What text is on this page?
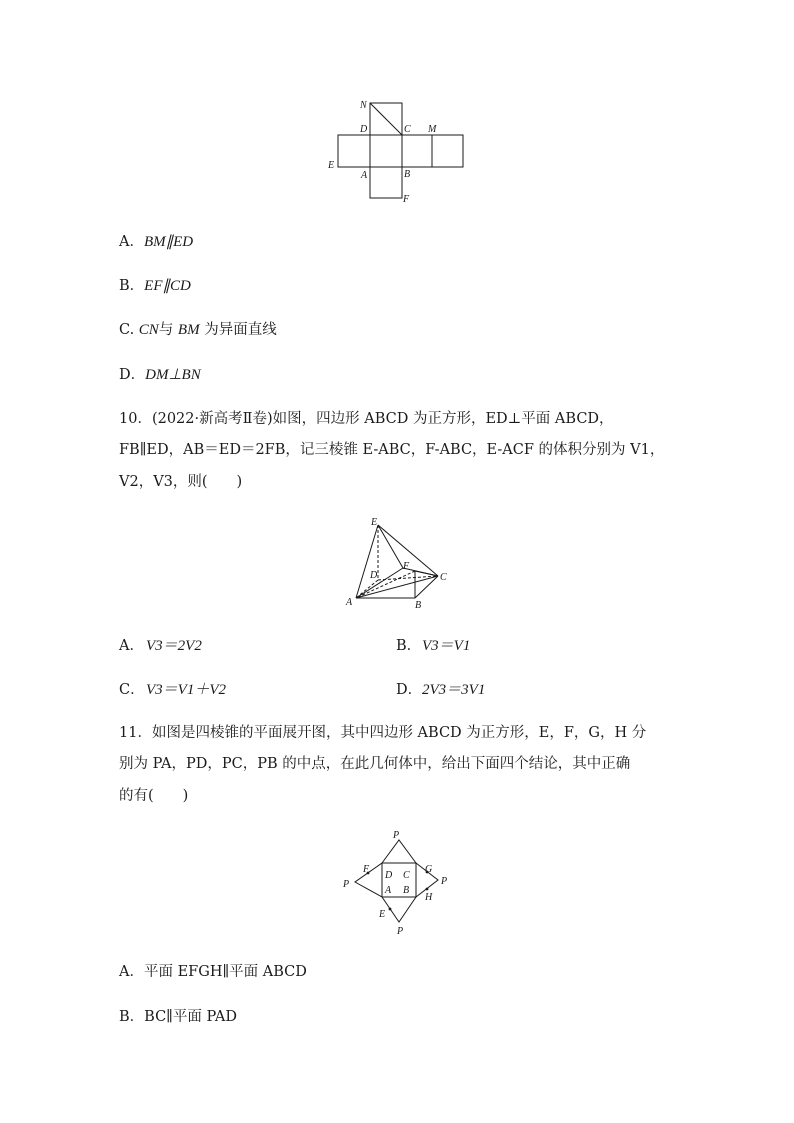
N
D	C M
E
A	B
F
A．BM∥ED
B．EF∥CD
C. CN与 BM 为异面直线
D．DM⊥BN
10．(2022·新高考Ⅱ卷)如图，四边形 ABCD 为正方形，ED⊥平面 ABCD，
FB∥ED，AB＝ED＝2FB，记三棱锥 E-ABC，F-ABC，E-ACF 的体积分别为 V1，
V2，V3，则(　　)
E
D
F
C
A	B
A． V3＝2V2	B． V3＝V1
C． V3＝V1＋V2	D． 2V3＝3V1
11．如图是四棱锥的平面展开图，其中四边形 ABCD 为正方形，E，F，G，H 分
别为 PA，PD，PC，PB 的中点，在此几何体中，给出下面四个结论，其中正确
的有(　　)
P
F	G
D C
P	P
A B
H
E
P
A．平面 EFGH∥平面 ABCD
B．BC∥平面 PAD
